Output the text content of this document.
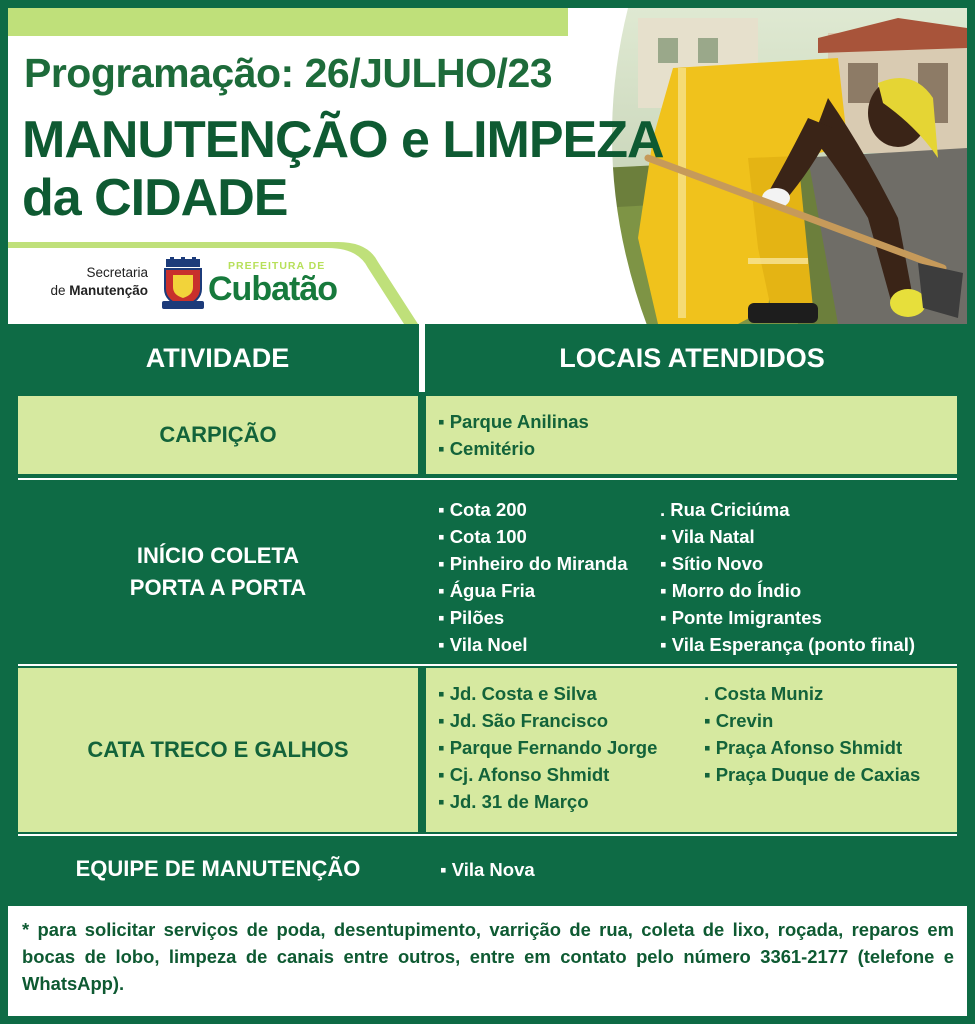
Programação: 26/JULHO/23
MANUTENÇÃO e LIMPEZA
da CIDADE
Secretaria
de Manutenção
PREFEITURA DE
Cubatão
ATIVIDADE	LOCAIS ATENDIDOS
CARPIÇÃO
▪ Parque Anilinas
▪ Cemitério
INÍCIO COLETA
PORTA A PORTA
▪ Cota 200
▪ Cota 100
▪ Pinheiro do Miranda
▪ Água Fria
▪ Pilões
▪ Vila Noel
. Rua Criciúma
▪ Vila Natal
▪ Sítio Novo
▪ Morro do Índio
▪ Ponte Imigrantes
▪ Vila Esperança (ponto final)
CATA TRECO E GALHOS
▪ Jd. Costa e Silva
▪ Jd. São Francisco
▪ Parque Fernando Jorge
▪ Cj. Afonso Shmidt
▪ Jd. 31 de Março
. Costa Muniz
▪ Crevin
▪ Praça Afonso Shmidt
▪ Praça Duque de Caxias
EQUIPE DE MANUTENÇÃO	▪ Vila Nova
* para solicitar serviços de poda, desentupimento, varrição de rua, coleta de lixo, roçada, reparos em bocas de lobo, limpeza de canais entre outros, entre em contato pelo número 3361-2177 (telefone e WhatsApp).
